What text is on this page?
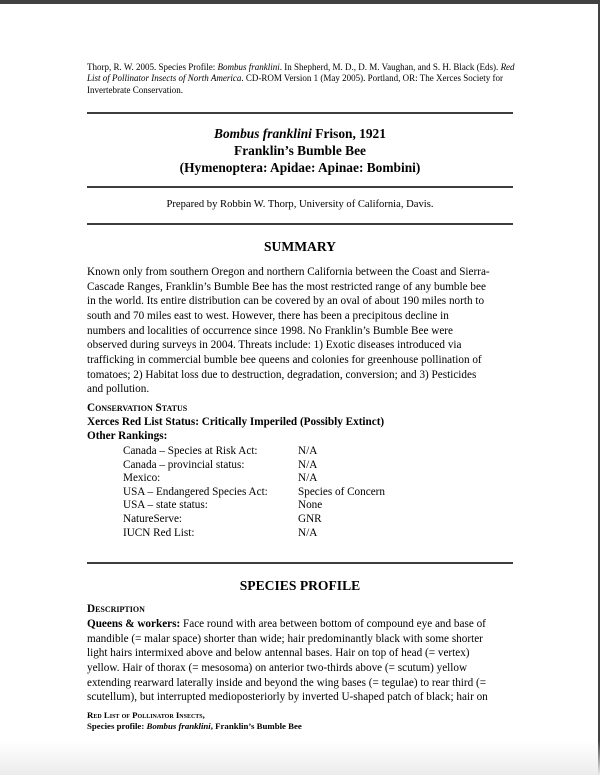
Thorp, R. W. 2005. Species Profile: Bombus franklini. In Shepherd, M. D., D. M. Vaughan, and S. H. Black (Eds). Red
List of Pollinator Insects of North America. CD-ROM Version 1 (May 2005). Portland, OR: The Xerces Society for
Invertebrate Conservation.
Bombus franklini Frison, 1921
Franklin’s Bumble Bee
(Hymenoptera: Apidae: Apinae: Bombini)
Prepared by Robbin W. Thorp, University of California, Davis.
SUMMARY
Known only from southern Oregon and northern California between the Coast and Sierra-
Cascade Ranges, Franklin’s Bumble Bee has the most restricted range of any bumble bee
in the world. Its entire distribution can be covered by an oval of about 190 miles north to
south and 70 miles east to west. However, there has been a precipitous decline in
numbers and localities of occurrence since 1998. No Franklin’s Bumble Bee were
observed during surveys in 2004. Threats include: 1) Exotic diseases introduced via
trafficking in commercial bumble bee queens and colonies for greenhouse pollination of
tomatoes; 2) Habitat loss due to destruction, degradation, conversion; and 3) Pesticides
and pollution.
Conservation Status
Xerces Red List Status: Critically Imperiled (Possibly Extinct)
Other Rankings:
Canada – Species at Risk Act:	N/A
Canada – provincial status:	N/A
Mexico:	N/A
USA – Endangered Species Act:	Species of Concern
USA – state status:	None
NatureServe:	GNR
IUCN Red List:	N/A
SPECIES PROFILE
Description
Queens & workers: Face round with area between bottom of compound eye and base of
mandible (= malar space) shorter than wide; hair predominantly black with some shorter
light hairs intermixed above and below antennal bases. Hair on top of head (= vertex)
yellow. Hair of thorax (= mesosoma) on anterior two-thirds above (= scutum) yellow
extending rearward laterally inside and beyond the wing bases (= tegulae) to rear third (=
scutellum), but interrupted medioposteriorly by inverted U-shaped patch of black; hair on
Red List of Pollinator Insects,
Species profile: Bombus franklini, Franklin’s Bumble Bee
